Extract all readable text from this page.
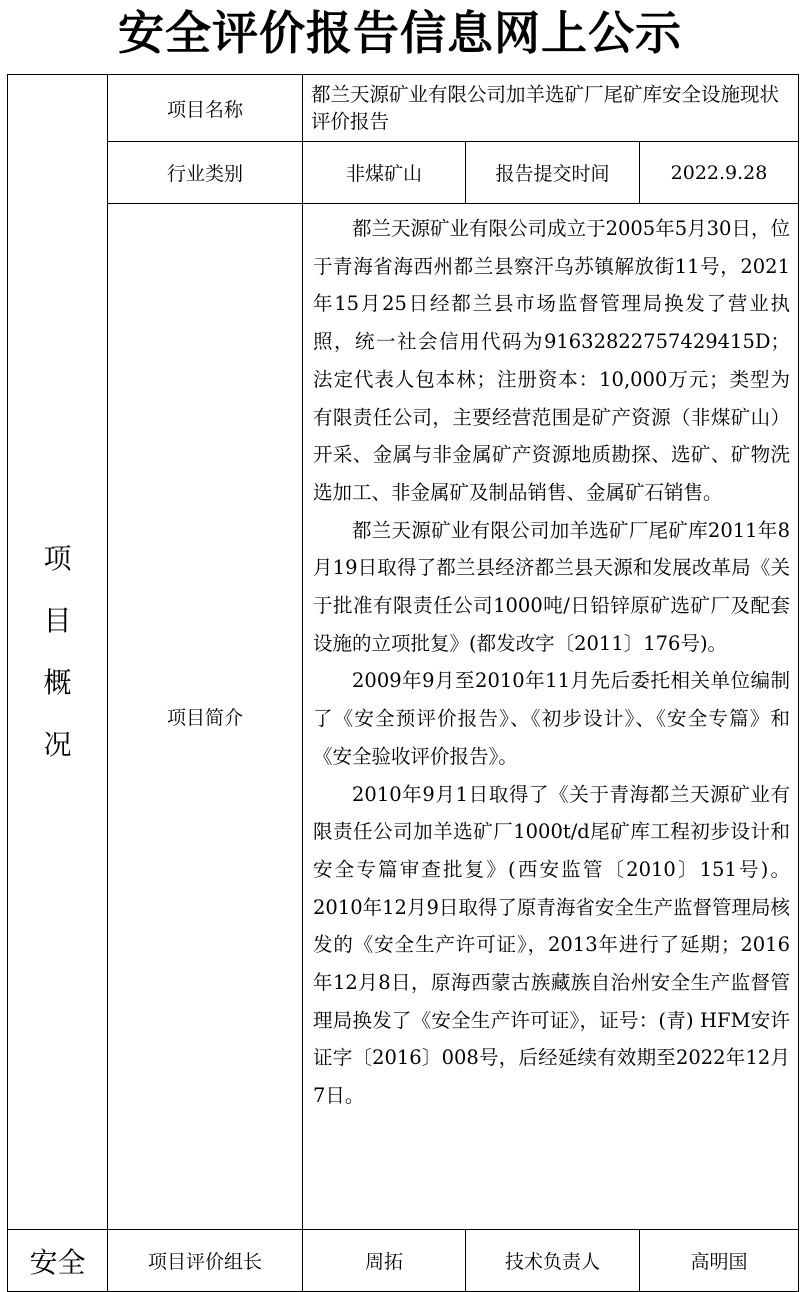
安全评价报告信息网上公示
项
目
概
况	项目名称	都兰天源矿业有限公司加羊选矿厂尾矿库安全设施现状评价报告		
	行业类别	非煤矿山	报告提交时间	2022.9.28
	项目简介	都兰天源矿业有限公司成立于2005年5月30日，位于青海省海西州都兰县察汗乌苏镇解放街11号，2021年15月25日经都兰县市场监督管理局换发了营业执照，统一社会信用代码为91632822757429415D；法定代表人包本林；注册资本：10,000万元；类型为有限责任公司，主要经营范围是矿产资源（非煤矿山）开采、金属与非金属矿产资源地质勘探、选矿、矿物洗选加工、非金属矿及制品销售、金属矿石销售。

都兰天源矿业有限公司加羊选矿厂尾矿库2011年8月19日取得了都兰县经济都兰县天源和发展改革局《关于批准有限责任公司1000吨/日铅锌原矿选矿厂及配套设施的立项批复》(都发改字〔2011〕176号)。

2009年9月至2010年11月先后委托相关单位编制了《安全预评价报告》、《初步设计》、《安全专篇》和《安全验收评价报告》。

2010年9月1日取得了《关于青海都兰天源矿业有限责任公司加羊选矿厂1000t/d尾矿库工程初步设计和安全专篇审查批复》(西安监管〔2010〕151号)。2010年12月9日取得了原青海省安全生产监督管理局核发的《安全生产许可证》，2013年进行了延期；2016年12月8日，原海西蒙古族藏族自治州安全生产监督管理局换发了《安全生产许可证》，证号：(青) HFM安许证字〔2016〕008号，后经延续有效期至2022年12月7日。		

安全	项目评价组长	周拓	技术负责人	高明国
